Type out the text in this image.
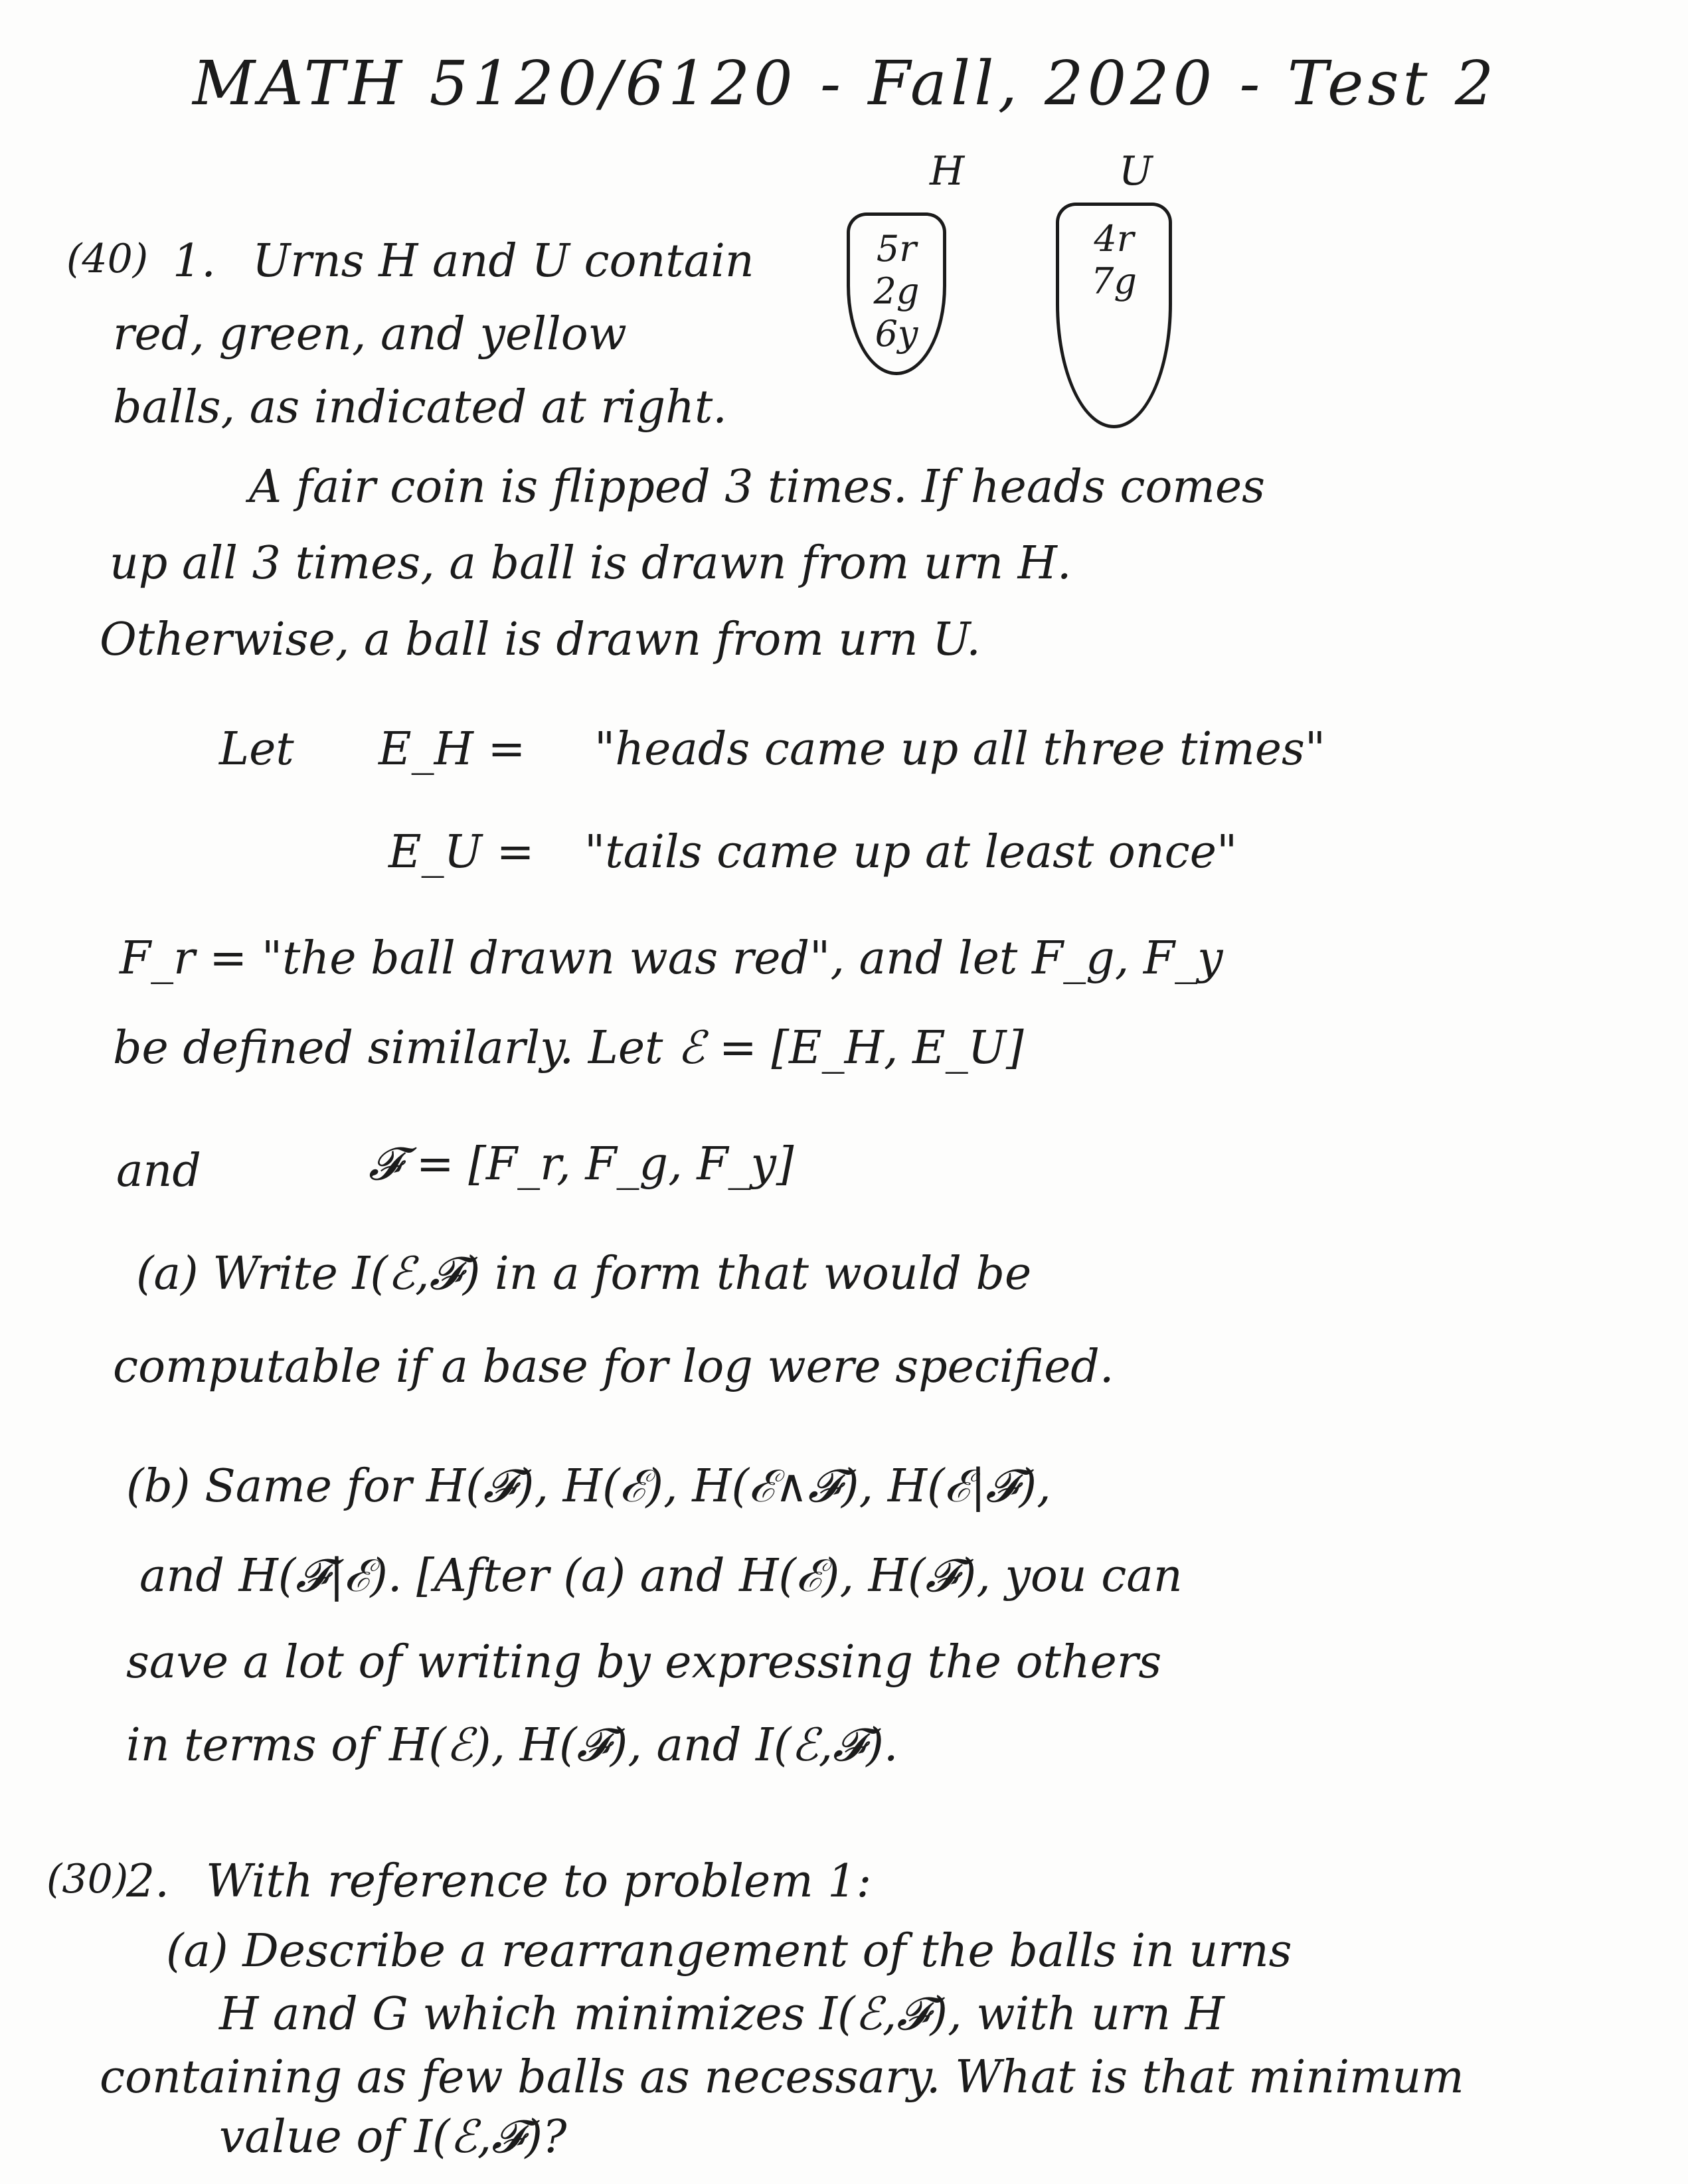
MATH 5120/6120 - Fall, 2020 - Test 2
H	U
5r
2g
6y
4r
7g
(40) 1. Urns H and U contain
red, green, and yellow
balls, as indicated at right.
A fair coin is flipped 3 times. If heads comes
up all 3 times, a ball is drawn from urn H.
Otherwise, a ball is drawn from urn U.
Let E_H = "heads came up all three times"
E_U = "tails came up at least once"
F_r = "the ball drawn was red", and let F_g, F_y
be defined similarly. Let ℰ = [E_H, E_U]
and	𝓕 = [F_r, F_g, F_y]
(a) Write I(ℰ,𝓕) in a form that would be
computable if a base for log were specified.
(b) Same for H(𝓕), H(ℰ), H(ℰ∧𝓕), H(ℰ|𝓕),
and H(𝓕|ℰ). [After (a) and H(ℰ), H(𝓕), you can
save a lot of writing by expressing the others
in terms of H(ℰ), H(𝓕), and I(ℰ,𝓕).
(30)
2. With reference to problem 1:
(a) Describe a rearrangement of the balls in urns
H and G which minimizes I(ℰ,𝓕), with urn H
containing as few balls as necessary. What is that minimum
value of I(ℰ,𝓕)?
